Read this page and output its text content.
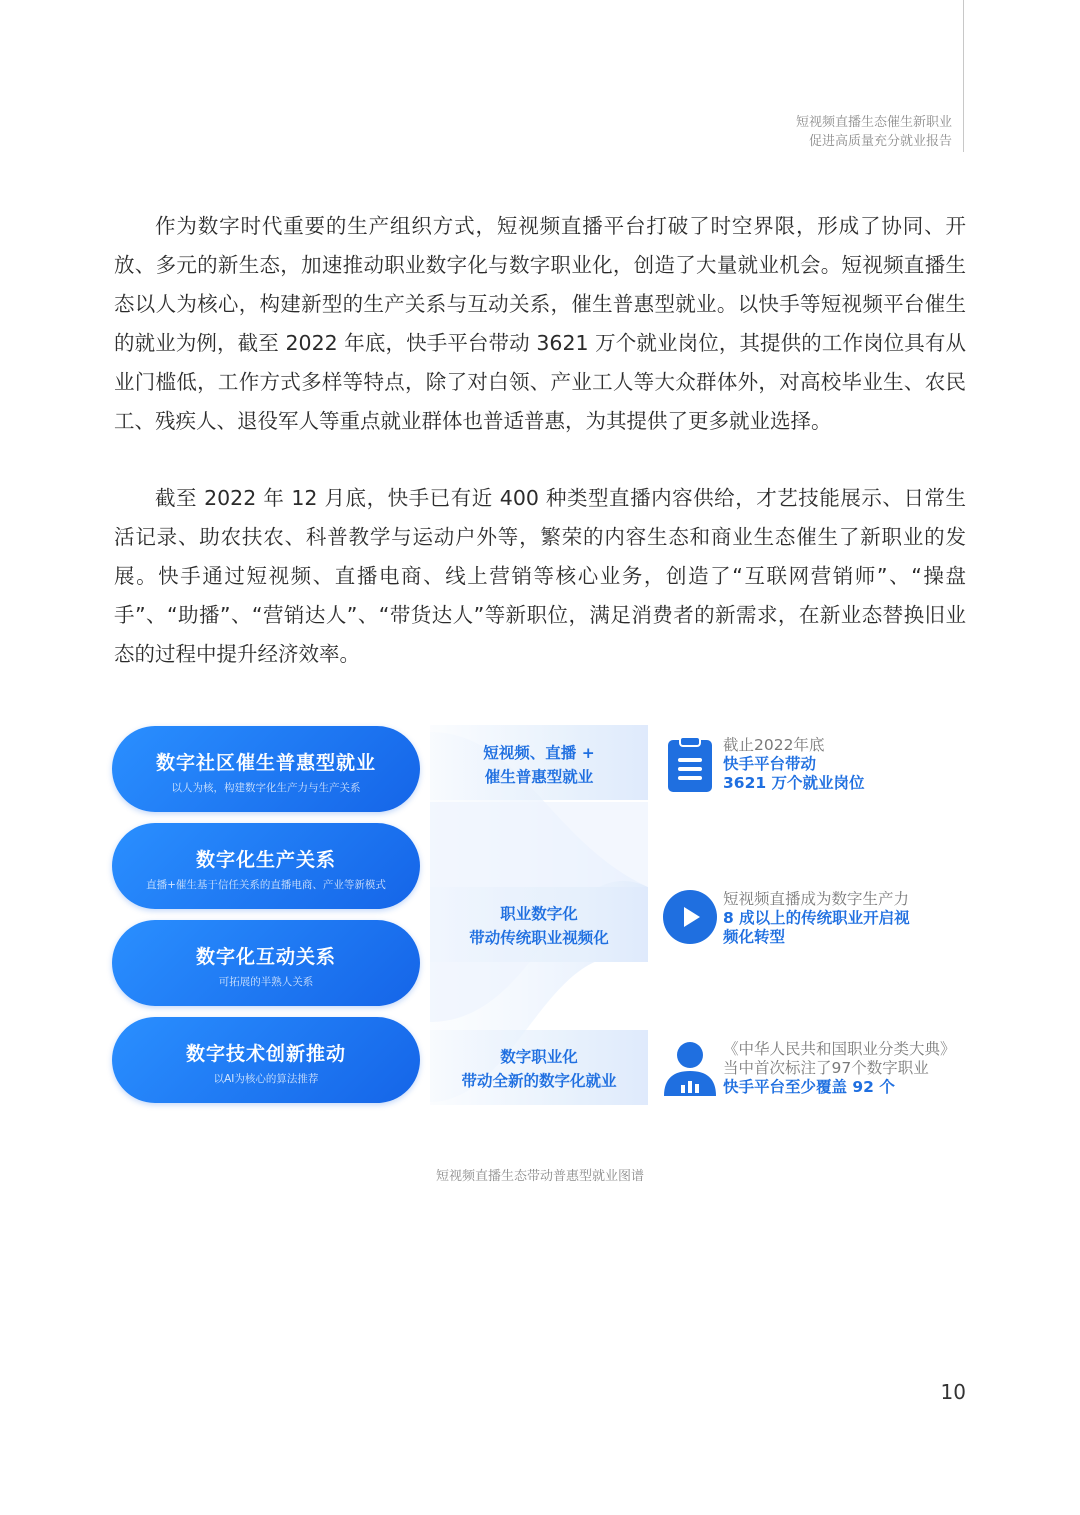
短视频直播生态催生新职业
促进高质量充分就业报告

作为数字时代重要的生产组织方式，短视频直播平台打破了时空界限，形成了协同、开放、多元的新生态，加速推动职业数字化与数字职业化，创造了大量就业机会。短视频直播生态以人为核心，构建新型的生产关系与互动关系，催生普惠型就业。以快手等短视频平台催生的就业为例，截至 2022 年底，快手平台带动 3621 万个就业岗位，其提供的工作岗位具有从业门槛低，工作方式多样等特点，除了对白领、产业工人等大众群体外，对高校毕业生、农民工、残疾人、退役军人等重点就业群体也普适普惠，为其提供了更多就业选择。

截至 2022 年 12 月底，快手已有近 400 种类型直播内容供给，才艺技能展示、日常生活记录、助农扶农、科普教学与运动户外等，繁荣的内容生态和商业生态催生了新职业的发展。快手通过短视频、直播电商、线上营销等核心业务，创造了“互联网营销师”、“操盘手”、“助播”、“营销达人”、“带货达人”等新职位，满足消费者的新需求，在新业态替换旧业态的过程中提升经济效率。

数字社区催生普惠型就业
以人为核，构建数字化生产力与生产关系
数字化生产关系
直播+催生基于信任关系的直播电商、产业等新模式
数字化互动关系
可拓展的半熟人关系
数字技术创新推动
以AI为核心的算法推荐
短视频、直播 +
催生普惠型就业
职业数字化
带动传统职业视频化
数字职业化
带动全新的数字化就业
截止2022年底
快手平台带动
3621 万个就业岗位
短视频直播成为数字生产力
8 成以上的传统职业开启视
频化转型
《中华人民共和国职业分类大典》
当中首次标注了97个数字职业
快手平台至少覆盖 92 个
短视频直播生态带动普惠型就业图谱
10
